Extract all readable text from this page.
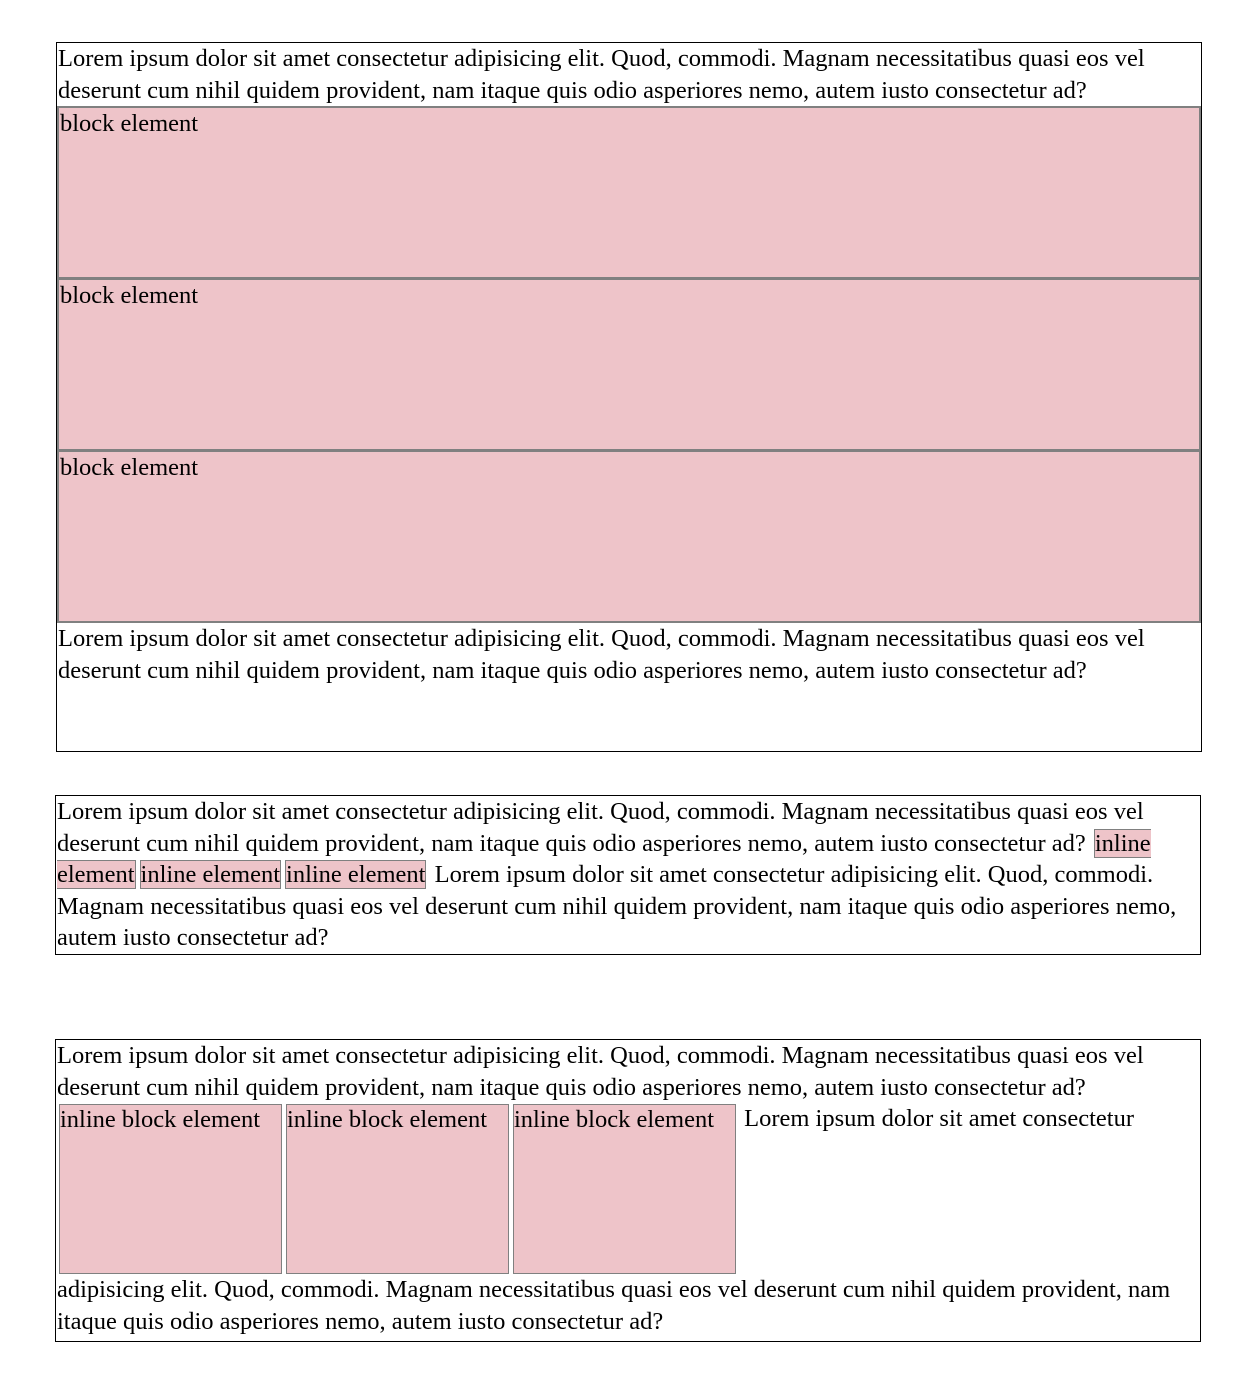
Lorem ipsum dolor sit amet consectetur adipisicing elit. Quod, commodi. Magnam necessitatibus quasi eos vel deserunt cum nihil quidem provident, nam itaque quis odio asperiores nemo, autem iusto consectetur ad?
block element
block element
block element
Lorem ipsum dolor sit amet consectetur adipisicing elit. Quod, commodi. Magnam necessitatibus quasi eos vel deserunt cum nihil quidem provident, nam itaque quis odio asperiores nemo, autem iusto consectetur ad?
Lorem ipsum dolor sit amet consectetur adipisicing elit. Quod, commodi. Magnam necessitatibus quasi eos vel deserunt cum nihil quidem provident, nam itaque quis odio asperiores nemo, autem iusto consectetur ad? inline element inline element inline element Lorem ipsum dolor sit amet consectetur adipisicing elit. Quod, commodi. Magnam necessitatibus quasi eos vel deserunt cum nihil quidem provident, nam itaque quis odio asperiores nemo, autem iusto consectetur ad?
Lorem ipsum dolor sit amet consectetur adipisicing elit. Quod, commodi. Magnam necessitatibus quasi eos vel deserunt cum nihil quidem provident, nam itaque quis odio asperiores nemo, autem iusto consectetur ad? inline block element inline block element inline block element Lorem ipsum dolor sit amet consectetur adipisicing elit. Quod, commodi. Magnam necessitatibus quasi eos vel deserunt cum nihil quidem provident, nam itaque quis odio asperiores nemo, autem iusto consectetur ad?
